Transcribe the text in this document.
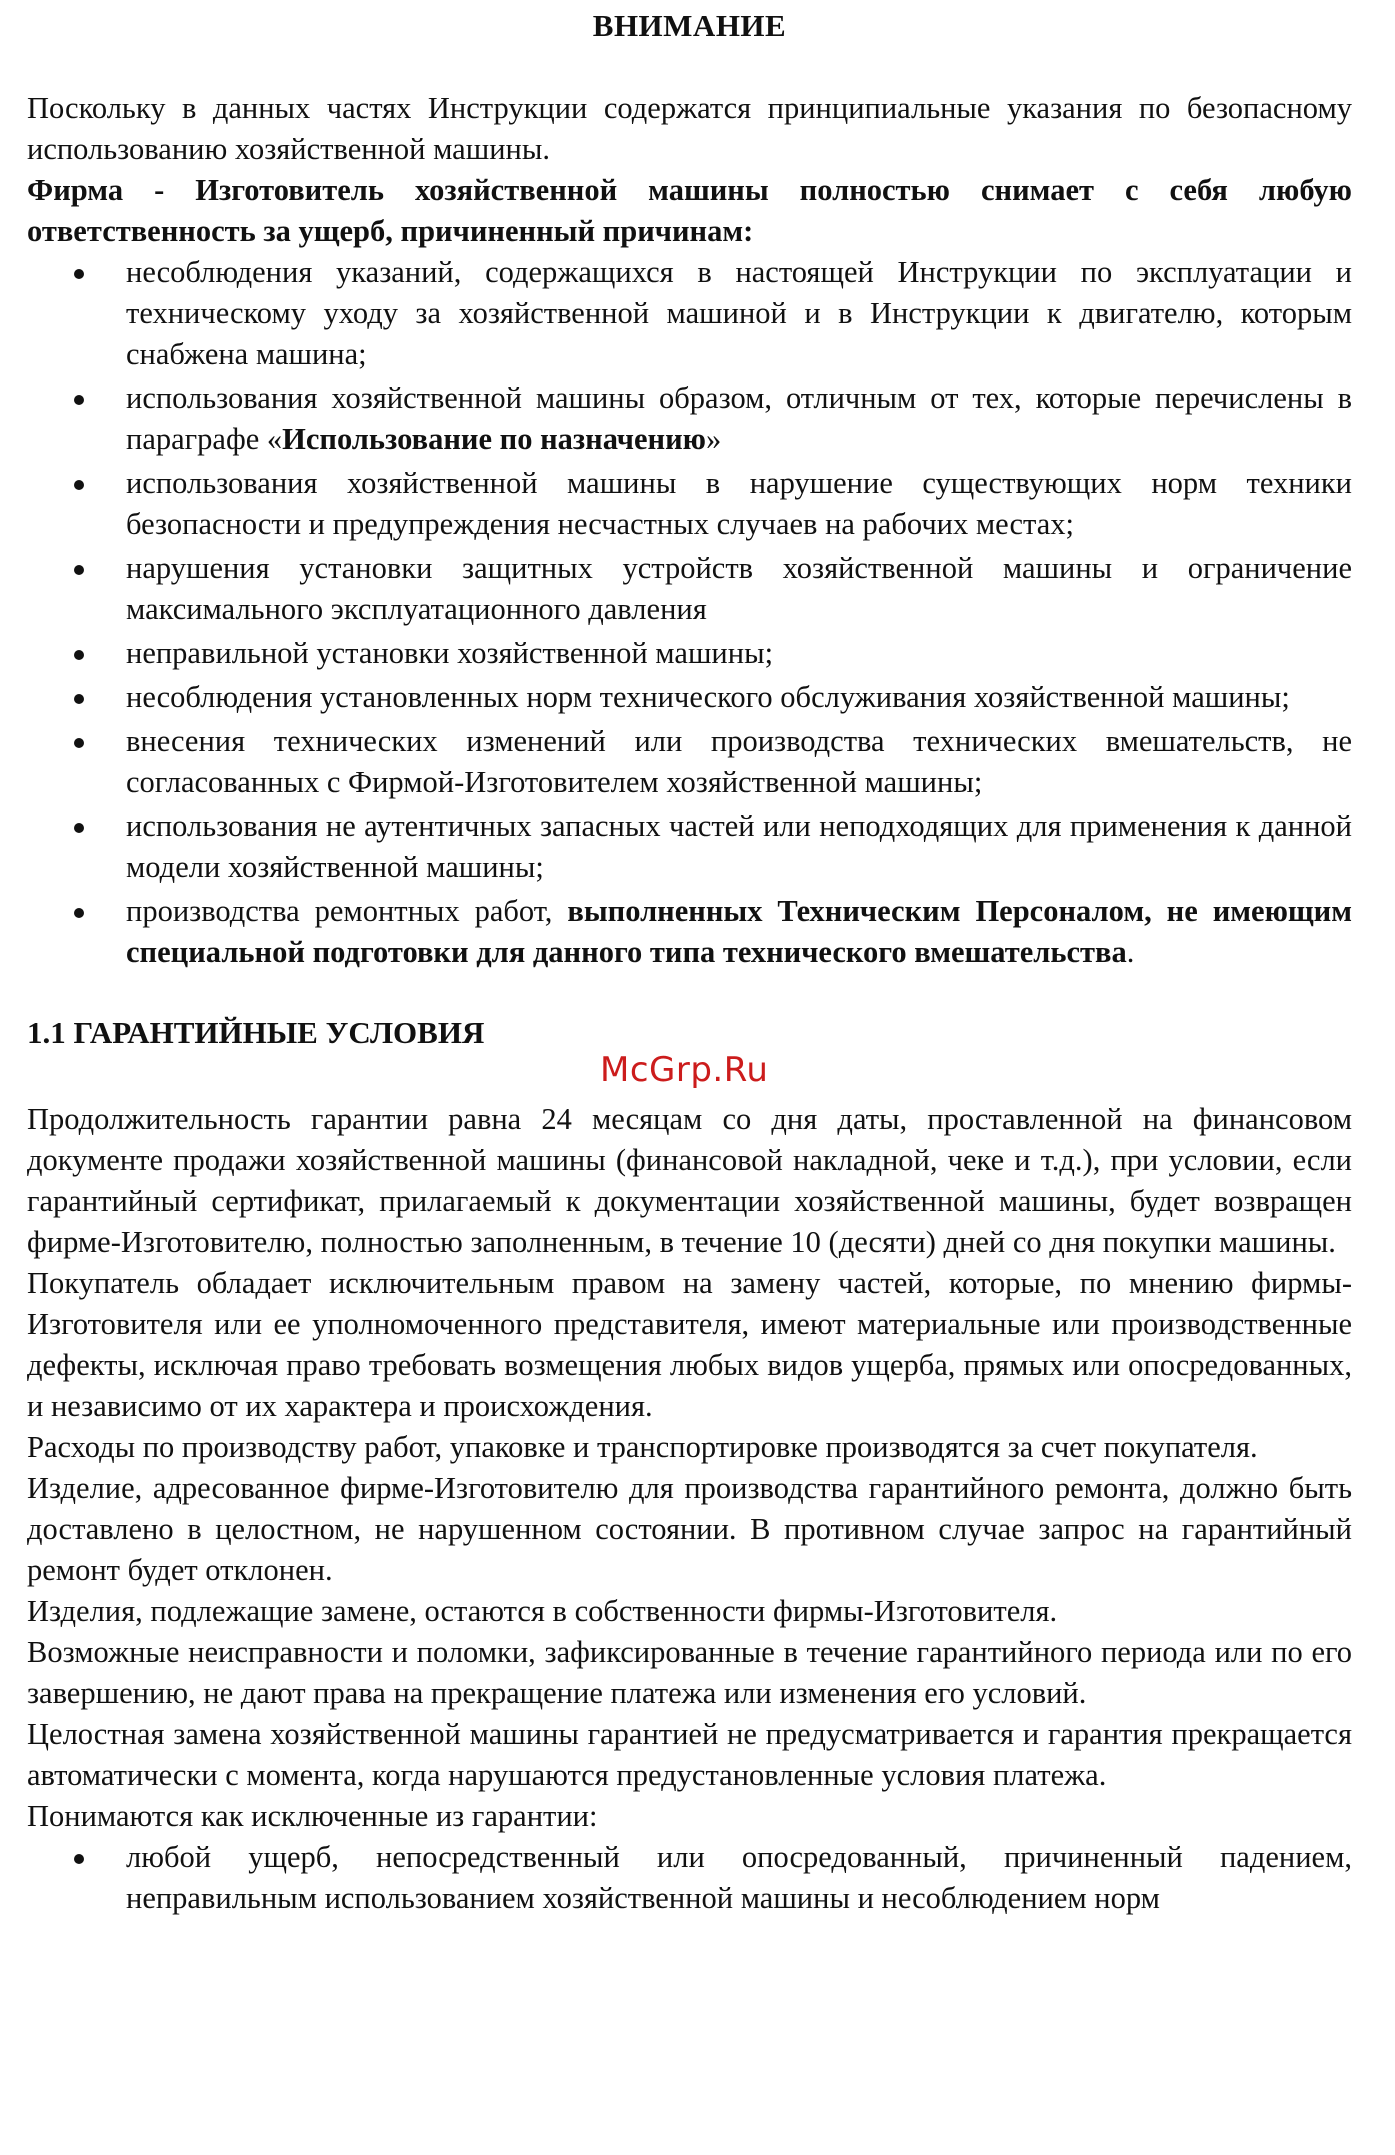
ВНИМАНИЕ

Поскольку в данных частях Инструкции содержатся принципиальные указания по безопасному использованию хозяйственной машины.

Фирма - Изготовитель хозяйственной машины полностью снимает с себя любую ответственность за ущерб, причиненный причинам:

несоблюдения указаний, содержащихся в настоящей Инструкции по эксплуатации и техническому уходу за хозяйственной машиной и в Инструкции к двигателю, которым снабжена машина;
использования хозяйственной машины образом, отличным от тех, которые перечислены в параграфе «Использование по назначению»
использования хозяйственной машины в нарушение существующих норм техники безопасности и предупреждения несчастных случаев на рабочих местах;
нарушения установки защитных устройств хозяйственной машины и ограничение максимального эксплуатационного давления
неправильной установки хозяйственной машины;
несоблюдения установленных норм технического обслуживания хозяйственной машины;
внесения технических изменений или производства технических вмешательств, не согласованных с Фирмой-Изготовителем хозяйственной машины;
использования не аутентичных запасных частей или неподходящих для применения к данной модели хозяйственной машины;
производства ремонтных работ, выполненных Техническим Персоналом, не имеющим специальной подготовки для данного типа технического вмешательства.
1.1 ГАРАНТИЙНЫЕ УСЛОВИЯ

Продолжительность гарантии равна 24 месяцам со дня даты, проставленной на финансовом документе продажи хозяйственной машины (финансовой накладной, чеке и т.д.), при условии, если гарантийный сертификат, прилагаемый к документации хозяйственной машины, будет возвращен фирме-Изготовителю, полностью заполненным, в течение 10 (десяти) дней со дня покупки машины.

Покупатель обладает исключительным правом на замену частей, которые, по мнению фирмы-Изготовителя или ее уполномоченного представителя, имеют материальные или производственные дефекты, исключая право требовать возмещения любых видов ущерба, прямых или опосредованных, и независимо от их характера и происхождения.

Расходы по производству работ, упаковке и транспортировке производятся за счет покупателя.

Изделие, адресованное фирме-Изготовителю для производства гарантийного ремонта, должно быть доставлено в целостном, не нарушенном состоянии. В противном случае запрос на гарантийный ремонт будет отклонен.

Изделия, подлежащие замене, остаются в собственности фирмы-Изготовителя.

Возможные неисправности и поломки, зафиксированные в течение гарантийного периода или по его завершению, не дают права на прекращение платежа или изменения его условий.

Целостная замена хозяйственной машины гарантией не предусматривается и гарантия прекращается автоматически с момента, когда нарушаются предустановленные условия платежа.

Понимаются как исключенные из гарантии:

любой ущерб, непосредственный или опосредованный, причиненный падением, неправильным использованием хозяйственной машины и несоблюдением норм
McGrp.Ru
